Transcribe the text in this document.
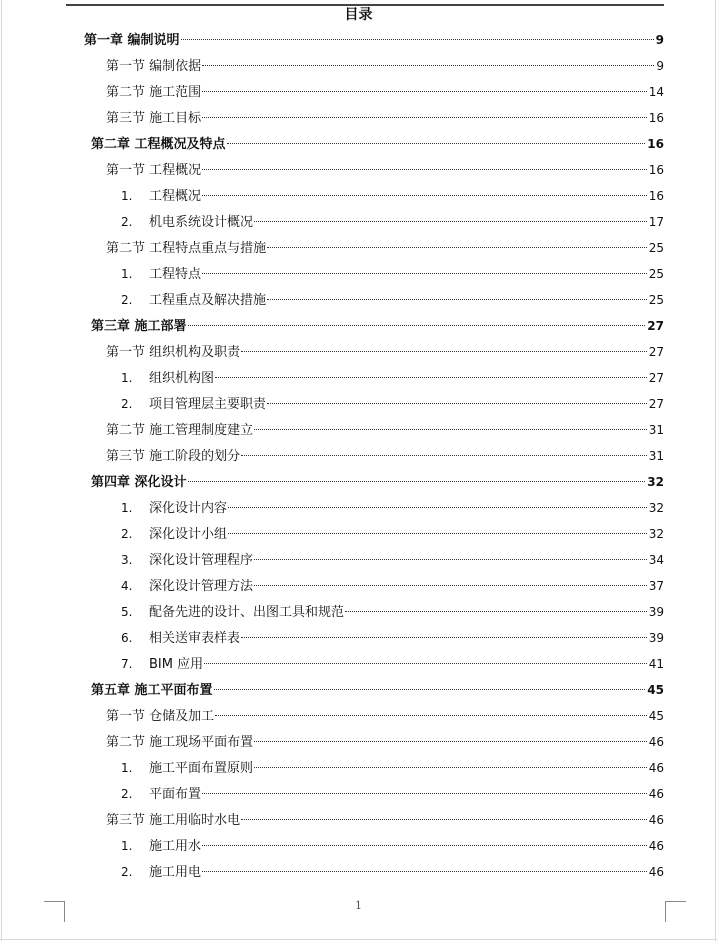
目录
第一章 编制说明	9
第一节 编制依据	9
第二节 施工范围	14
第三节 施工目标	16
第二章 工程概况及特点	16
第一节 工程概况	16
1.	工程概况	16
2.	机电系统设计概况	17
第二节 工程特点重点与措施	25
1.	工程特点	25
2.	工程重点及解决措施	25
第三章 施工部署	27
第一节 组织机构及职责	27
1.	组织机构图	27
2.	项目管理层主要职责	27
第二节 施工管理制度建立	31
第三节 施工阶段的划分	31
第四章 深化设计	32
1.	深化设计内容	32
2.	深化设计小组	32
3.	深化设计管理程序	34
4.	深化设计管理方法	37
5.	配备先进的设计、出图工具和规范	39
6.	相关送审表样表	39
7.	BIM 应用	41
第五章 施工平面布置	45
第一节 仓储及加工	45
第二节 施工现场平面布置	46
1.	施工平面布置原则	46
2.	平面布置	46
第三节 施工用临时水电	46
1.	施工用水	46
2.	施工用电	46
1
